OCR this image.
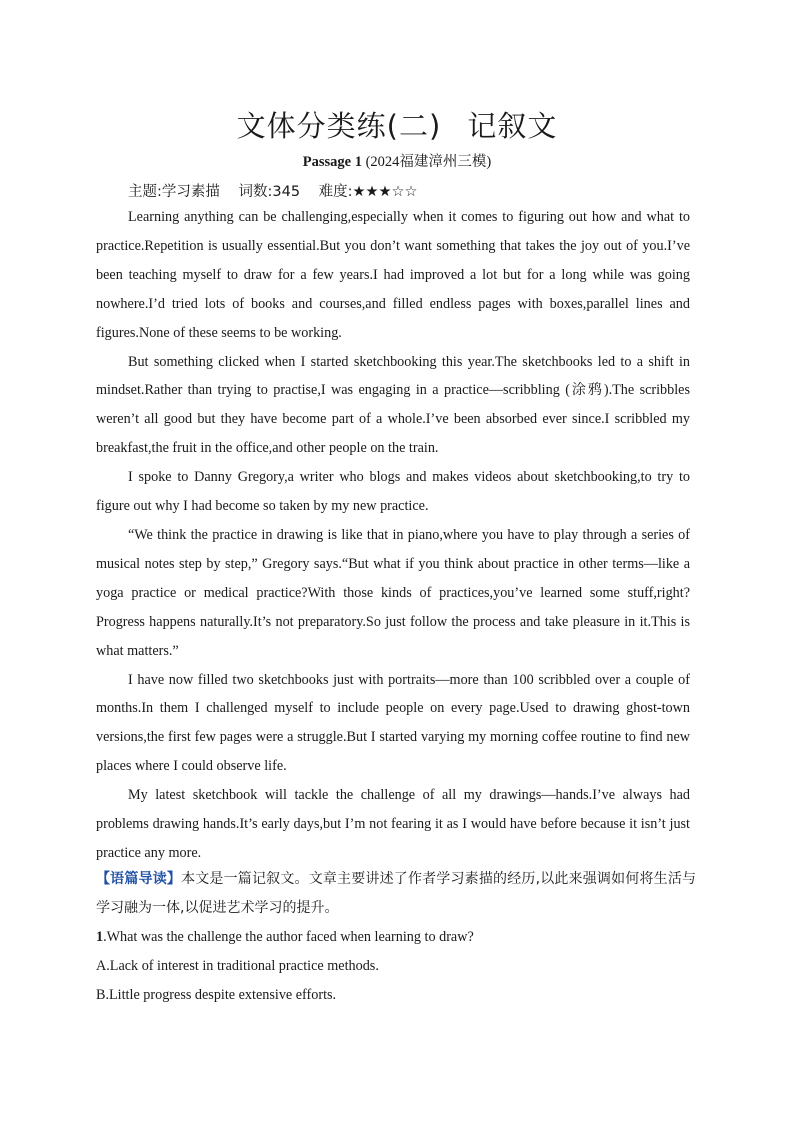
文体分类练(二) 记叙文
Passage 1 (2024福建漳州三模)
主题:学习素描 词数:345 难度:★★★☆☆

Learning anything can be challenging,especially when it comes to figuring out how and what to practice.Repetition is usually essential.But you don’t want something that takes the joy out of you.I’ve been teaching myself to draw for a few years.I had improved a lot but for a long while was going nowhere.I’d tried lots of books and courses,and filled endless pages with boxes,parallel lines and figures.None of these seems to be working.

But something clicked when I started sketchbooking this year.The sketchbooks led to a shift in mindset.Rather than trying to practise,I was engaging in a practice—scribbling (涂鸦).The scribbles weren’t all good but they have become part of a whole.I’ve been absorbed ever since.I scribbled my breakfast,the fruit in the office,and other people on the train.

I spoke to Danny Gregory,a writer who blogs and makes videos about sketchbooking,to try to figure out why I had become so taken by my new practice.

“We think the practice in drawing is like that in piano,where you have to play through a series of musical notes step by step,” Gregory says.“But what if you think about practice in other terms—like a yoga practice or medical practice?With those kinds of practices,you’ve learned some stuff,right?Progress happens naturally.It’s not preparatory.So just follow the process and take pleasure in it.This is what matters.”

I have now filled two sketchbooks just with portraits—more than 100 scribbled over a couple of months.In them I challenged myself to include people on every page.Used to drawing ghost-town versions,the first few pages were a struggle.But I started varying my morning coffee routine to find new places where I could observe life.

My latest sketchbook will tackle the challenge of all my drawings—hands.I’ve always had problems drawing hands.It’s early days,but I’m not fearing it as I would have before because it isn’t just practice any more.

【语篇导读】本文是一篇记叙文。文章主要讲述了作者学习素描的经历,以此来强调如何将生活与学习融为一体,以促进艺术学习的提升。
1.What was the challenge the author faced when learning to draw?
A.Lack of interest in traditional practice methods.
B.Little progress despite extensive efforts.
